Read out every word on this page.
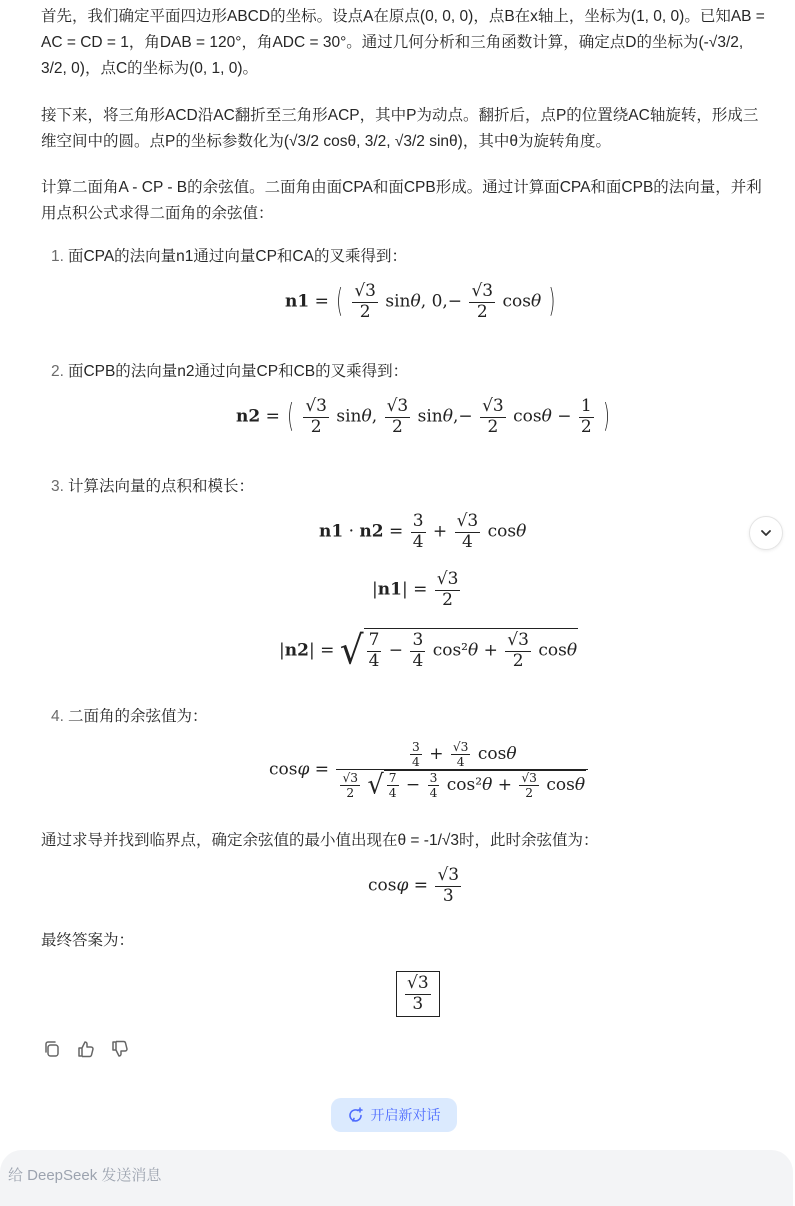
首先，我们确定平面四边形ABCD的坐标。设点A在原点(0, 0, 0)，点B在x轴上，坐标为(1, 0, 0)。已知AB =
AC = CD = 1，角DAB = 120°，角ADC = 30°。通过几何分析和三角函数计算，确定点D的坐标为(-√3/2,
3/2, 0)，点C的坐标为(0, 1, 0)。

接下来，将三角形ACD沿AC翻折至三角形ACP，其中P为动点。翻折后，点P的位置绕AC轴旋转，形成三
维空间中的圆。点P的坐标参数化为(√3/2 cosθ, 3/2, √3/2 sinθ)，其中θ为旋转角度。

计算二面角A - CP - B的余弦值。二面角由面CPA和面CPB形成。通过计算面CPA和面CPB的法向量，并利
用点积公式求得二面角的余弦值：

1. 面CPA的法向量n1通过向量CP和CA的叉乘得到：
n1 = ( $\frac{√3}{2} \sin\theta$, $0,- \frac{√3}{2}$ cosθ )
2. 面CPB的法向量n2通过向量CP和CB的叉乘得到：
n2 = ( $\frac{√3}{2} \sin\theta$, $\frac{√3}{2} \sin\theta,- \frac{√3}{2}$ $\cos\theta - \frac{1}{2}$ )
3. 计算法向量的点积和模长：
$n1 \cdot n2 = \frac{3}{4} + \frac{√3}{4}$ cosθ
$|n1| = \frac{√3}{2}$
|n2| = √ $\frac{7}{4} - \frac{3}{4} \cos^2\theta + \frac{√3}{2}$ cosθ
4. 二面角的余弦值为：
cosφ =
$\frac{3}{4} + \frac{√3}{4}$ cosθ
$\frac{√3}{2}$ √ $\frac{7}{4} - \frac{3}{4} \cos^2\theta + \frac{√3}{2}$ cosθ

通过求导并找到临界点，确定余弦值的最小值出现在θ = -1/√3时，此时余弦值为：

$\cos\varphi = \frac{√3}{3}$

最终答案为：

$\frac{√3}{3}$
开启新对话
给 DeepSeek 发送消息
